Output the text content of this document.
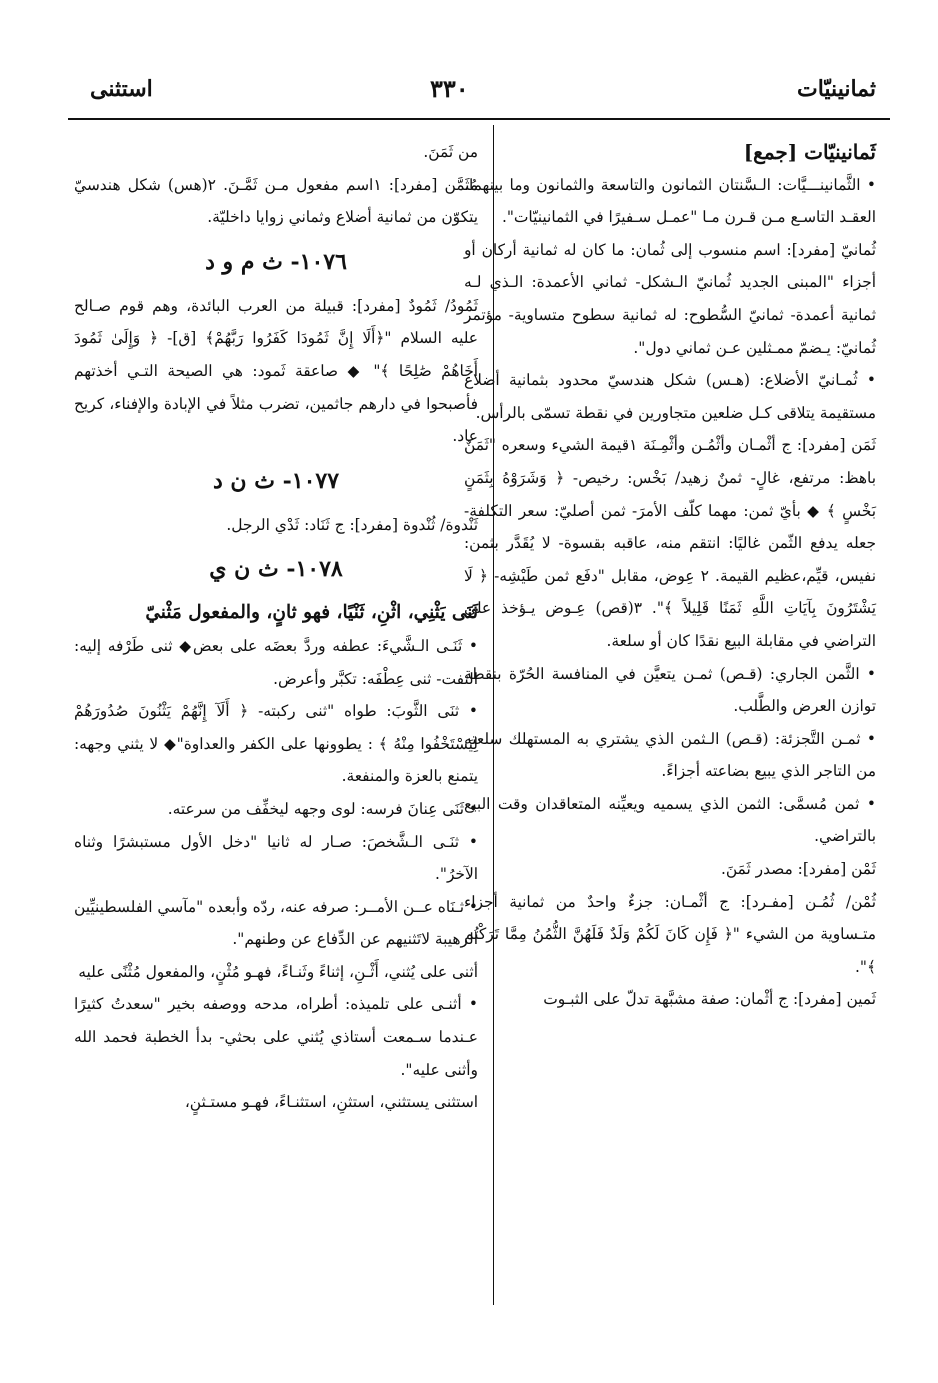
ثمانينيّات
٣٣٠
استثنى

ثَمانينيّات [جمع]

• الثَّمانينـــيَّات: الـسَّنتان الثمانون والتاسعة والثمانون وما بينهما، العقـد التاسـع مـن قـرن مـا "عمـل سـفيرًا في الثمانينيّات".

ثُمانيّ [مفرد]: اسم منسوب إلى ثُمان: ما كان له ثمانية أركان أو أجزاء "المبنى الجديد ثُمانيّ الـشكل- ثماني الأعمدة: الـذي لـه ثمانية أعمدة- ثمانيّ السُّطوح: له ثمانية سطوح متساوية- مؤتمر ثُمانيّ: يـضمّ ممـثلين عـن ثماني دول".

• ثُمـانيّ الأضلاع: (هـس) شكل هندسيّ محدود بثمانية أضلاع مستقيمة يتلاقى كـل ضلعين متجاورين في نقطة تسمّى بالرأس.

ثَمَن [مفرد]: ج أثْمـان وأثْمُـن وأثْمِـنَة ١قيمة الشيء وسعره "ثَمَنٌ باهظ: مرتفع، غالٍ- ثمنٌ زهيد/ بَخْس: رخيص- ﴿ وَشَرَوْهُ بِثَمَنٍ بَخْسٍ ﴾ ◆ بأيّ ثمن: مهما كلّف الأمرَ- ثمن أصليّ: سعر التكلفة- جعله يدفع الثّمن غاليًا: انتقم منه، عاقبه بقسوة- لا يُقَدَّر بثمن: نفيس، قيِّم،عظيم القيمة. ٢ عِوض، مقابل "دفَع ثمن طَيْشِه- ﴿ لَا يَشْتَرُونَ بِآيَاتِ اللَّهِ ثَمَنًا قَلِيلاً ﴾". ٣(قص) عِـوض يـؤخذ على التراضي في مقابلة البيع نقدًا كان أو سلعة.

• الثَّمن الجاري: (قـص) ثمـن يتعيَّن في المنافسة الحُرّة بنقطة توازن العرض والطَّلب.

• ثمـن التَّجزئة: (قـص) الـثمن الذي يشتري به المستهلك سلعته من التاجر الذي يبيع بضاعته أجزاءً.

• ثمن مُسمَّى: الثمن الذي يسميه ويعيِّنه المتعاقدان وقت البيع بالتراضي.

ثَمْن [مفرد]: مصدر ثَمَنَ.

ثُمْن/ ثُمُـن [مفـرد]: ج أثْمـان: جزءٌ واحدٌ من ثمانية أجزاء متـساوية من الشيء "﴿ فَإِن كَانَ لَكُمْ وَلَدٌ فَلَهُنَّ الثُّمُنُ مِمَّا تَرَكْتُم ﴾".

ثَمين [مفرد]: ج أثْمان: صفة مشبَّهة تدلّ على الثبـوت

من ثَمَنَ.

مُثَمَّن [مفرد]: ١اسم مفعول مـن ثَمَّـنَ. ٢(هس) شكل هندسيّ يتكوّن من ثمانية أضلاع وثماني زوايا داخليّة.

١٠٧٦- ث م و د

ثَمُودُ/ ثَمُودٌ [مفرد]: قبيلة من العرب البائدة، وهم قوم صـالح عليه السلام "﴿أَلَا إِنَّ ثَمُودَا كَفَرُوا رَبَّهُمْ﴾ [ق]- ﴿ وَإِلَىٰ ثَمُودَ أَخَاهُمْ صَٰلِحًا ﴾" ◆ صاعقة ثَمود: هي الصيحة التـي أخذتهم فأصبحوا في دارهم جاثمين، تضرب مثلاً في الإبادة والإفناء، كريح عاد.

١٠٧٧- ث ن د

ثَنْدوة/ ثُنْدوة [مفرد]: ج ثَنَاد: ثَدْي الرجل.

١٠٧٨- ث ن ي

ثَنَى يَثْنِي، اثْنِ، ثَنْيًا، فهو ثانٍ، والمفعول مَثْنيّ

• ثَنَـى الـشَّيءَ: عطفه وردَّ بعضَه على بعض◆ ثنى طَرْفه إليه: التفت- ثنى عِطْفَه: تكبَّر وأعرض.

• ثنَى الثَّوبَ: طواه "ثنى ركبته- ﴿ أَلَآ إِنَّهُمْ يَثْنُونَ صُدُورَهُمْ لِيَسْتَخْفُوا مِنْهُ ﴾ : يطوونها على الكفر والعداوة"◆ لا يثني وجهه: يتمنع بالعزة والمنفعة.

• ثَنَى عِنانَ فرسه: لوى وجهه ليخفِّف من سرعته.

• ثنَـى الـشَّخصَ: صـار له ثانيا "دخل الأول مستبشرًا وثناه الآخرُ".

• ثـنَاه عــن الأمــر: صرفه عنه، ردّه وأبعده "مآسي الفلسطينيِّين الرهيبة لاتَثنيهم عن الدِّفاع عن وطنهم".

أثنى على يُثني، أَثْـنِ، إثناءً وثَنـاءً، فهـو مُثْنٍ، والمفعول مُثْنًى عليه

• أثنـى على تلميذه: أطراه، مدحه ووصفه بخير "سعدتُ كثيرًا عـندما سـمعت أستاذي يُثني على بحثي- بدأ الخطبة فحمد الله وأثنى عليه".

استثنى يستثني، استثنِ، استثنـاءً، فهـو مستـثنٍ،
